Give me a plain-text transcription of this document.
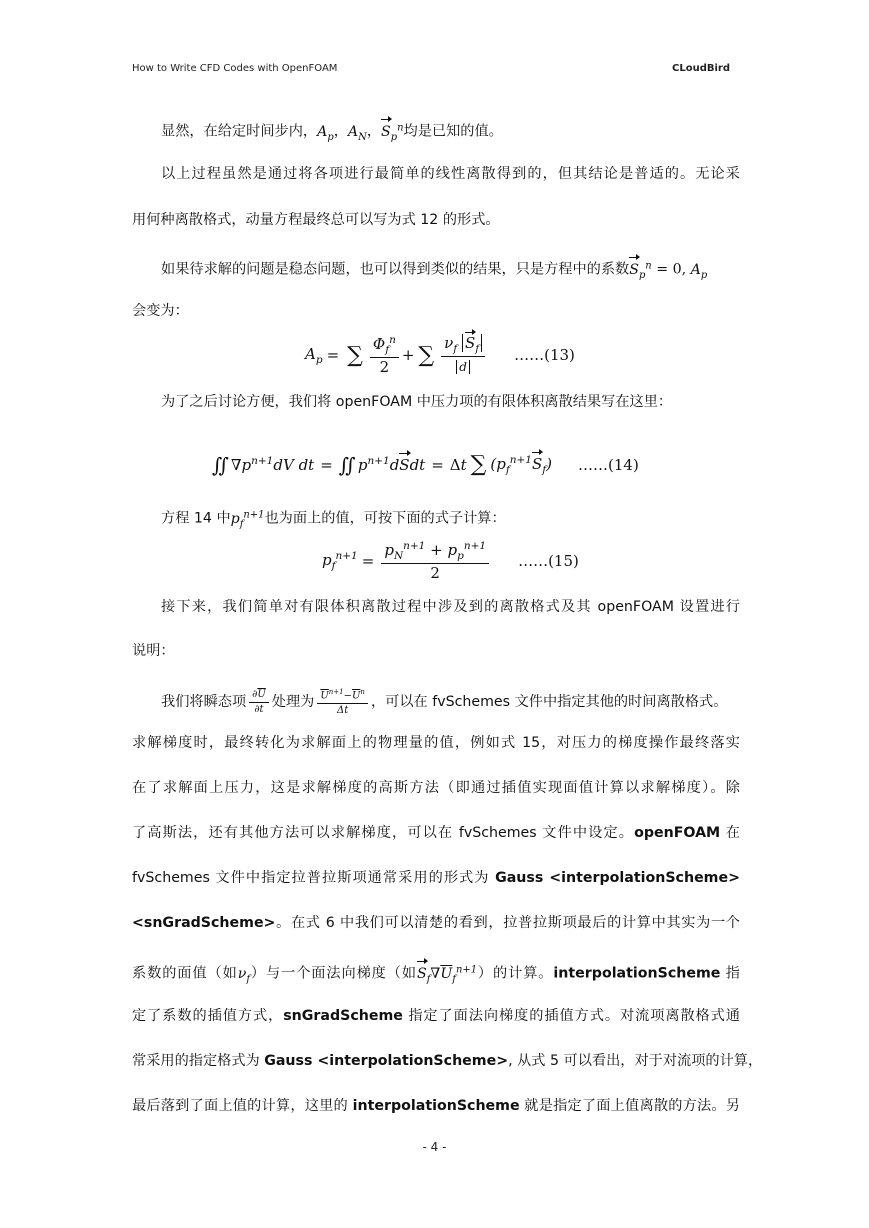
How to Write CFD Codes with OpenFOAM	CLoudBird
显然，在给定时间步内，$A_p$，$A_N$，$S_p^n$均是已知的值。
以上过程虽然是通过将各项进行最简单的线性离散得到的，但其结论是普适的。无论采
用何种离散格式，动量方程最终总可以写为式 12 的形式。
如果待求解的问题是稳态问题，也可以得到类似的结果，只是方程中的系数$S_p^n = 0$, $A_p$
会变为：
$A_p$ = ∑ $\frac{\Phi_f^n}{2}$ + ∑ $\frac{\nu_f S_f}{d}$ ……(13)
为了之后讨论方便，我们将 openFOAM 中压力项的有限体积离散结果写在这里：
∬ ∇ $p^{n+1}dV$ dt = ∬ $p^{n+1}dSdt = \Delta$ t ∑ $(p_f^{n+1}S_f)$ ……(14)
方程 14 中$p_f^{n+1}$也为面上的值，可按下面的式子计算：
$p_f^{n+1} = \frac{p_N^{n+1} + p_p^{n+1}}{2}$ ……(15)
接下来，我们简单对有限体积离散过程中涉及到的离散格式及其 openFOAM 设置进行
说明：
我们将瞬态项 $\frac{\partial\overline{U}}{\partial t}$ 处理为 $\frac{\overline{U}^{n+1}-\overline{U}^n}{\Delta t}$ ，可以在 fvSchemes 文件中指定其他的时间离散格式。
求解梯度时，最终转化为求解面上的物理量的值，例如式 15，对压力的梯度操作最终落实
在了求解面上压力，这是求解梯度的高斯方法（即通过插值实现面值计算以求解梯度）。除
了高斯法，还有其他方法可以求解梯度，可以在 fvSchemes 文件中设定。openFOAM 在
fvSchemes 文件中指定拉普拉斯项通常采用的形式为 Gauss <interpolationScheme>
<snGradScheme>。在式 6 中我们可以清楚的看到，拉普拉斯项最后的计算中其实为一个
系数的面值（如$\nu_f$）与一个面法向梯度（如$S_f\nabla\overline{U}_f^{n+1}$）的计算。interpolationScheme 指
定了系数的插值方式，snGradScheme 指定了面法向梯度的插值方式。对流项离散格式通
常采用的指定格式为 Gauss <interpolationScheme>, 从式 5 可以看出，对于对流项的计算，
最后落到了面上值的计算，这里的 interpolationScheme 就是指定了面上值离散的方法。另
- 4 -
